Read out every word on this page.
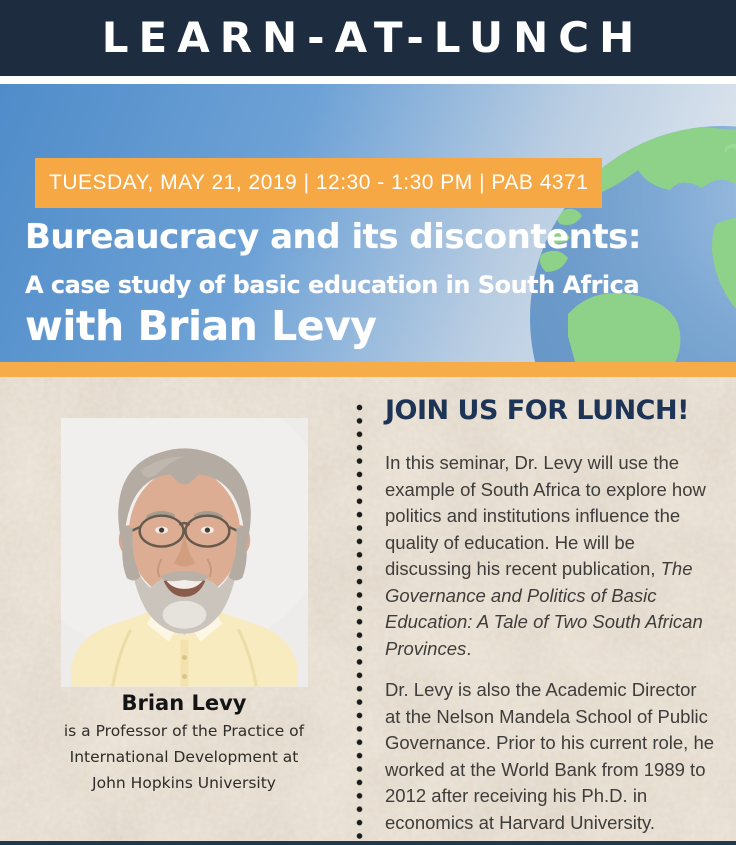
LEARN-AT-LUNCH
TUESDAY, MAY 21, 2019 | 12:30 - 1:30 PM | PAB 4371
Bureaucracy and its discontents:
A case study of basic education in South Africa
with Brian Levy
Brian Levy
is a Professor of the Practice of
International Development at
John Hopkins University
JOIN US FOR LUNCH!

In this seminar, Dr. Levy will use the example of South Africa to explore how politics and institutions influence the quality of education. He will be discussing his recent publication, The Governance and Politics of Basic Education: A Tale of Two South African Provinces.

Dr. Levy is also the Academic Director at the Nelson Mandela School of Public Governance. Prior to his current role, he worked at the World Bank from 1989 to 2012 after receiving his Ph.D. in economics at Harvard University.
